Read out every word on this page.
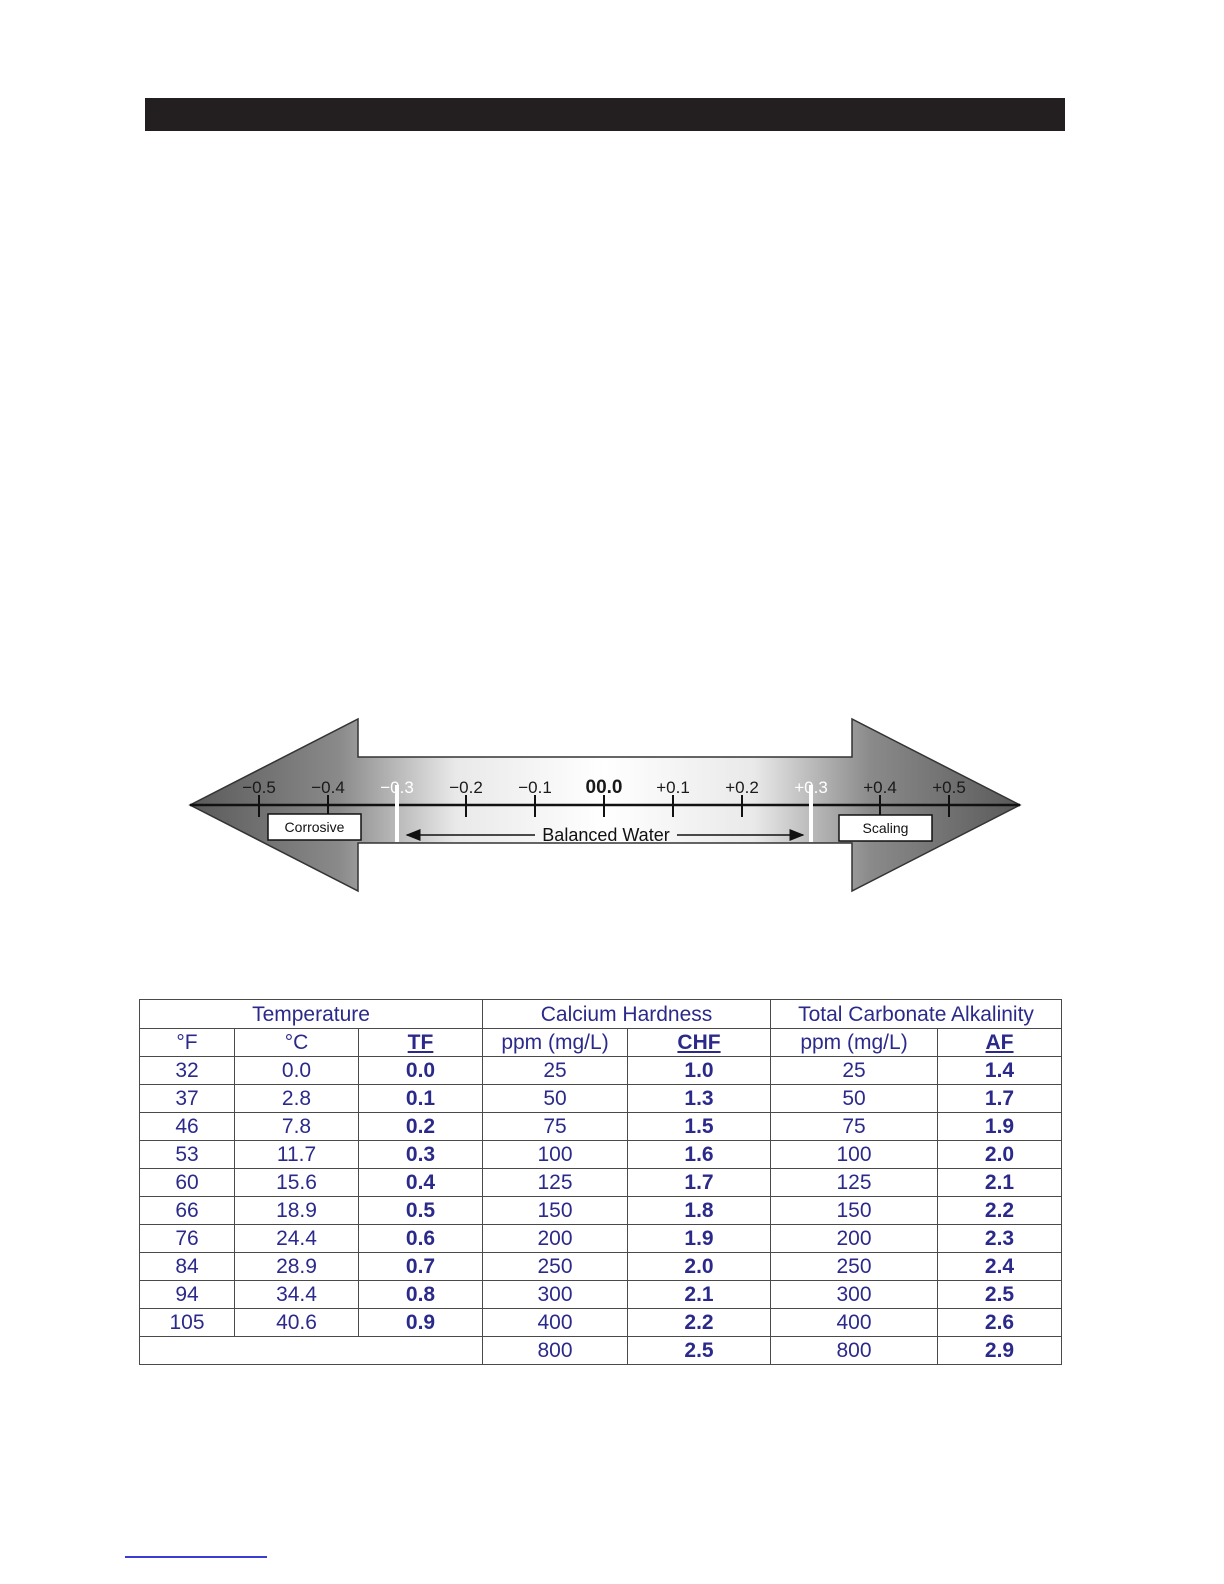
−0.5 −0.4 −0.3 −0.2 −0.1 00.0 +0.1 +0.2 +0.3 +0.4 +0.5
Corrosive	Scaling
Balanced Water
Temperature			Calcium Hardness		Total Carbonate Alkalinity	
°F	°C	TF	ppm (mg/L)	CHF	ppm (mg/L)	AF
32	0.0	0.0	25	1.0	25	1.4
37	2.8	0.1	50	1.3	50	1.7
46	7.8	0.2	75	1.5	75	1.9
53	11.7	0.3	100	1.6	100	2.0
60	15.6	0.4	125	1.7	125	2.1
66	18.9	0.5	150	1.8	150	2.2
76	24.4	0.6	200	1.9	200	2.3
84	28.9	0.7	250	2.0	250	2.4
94	34.4	0.8	300	2.1	300	2.5
105	40.6	0.9	400	2.2	400	2.6
			800	2.5	800	2.9
